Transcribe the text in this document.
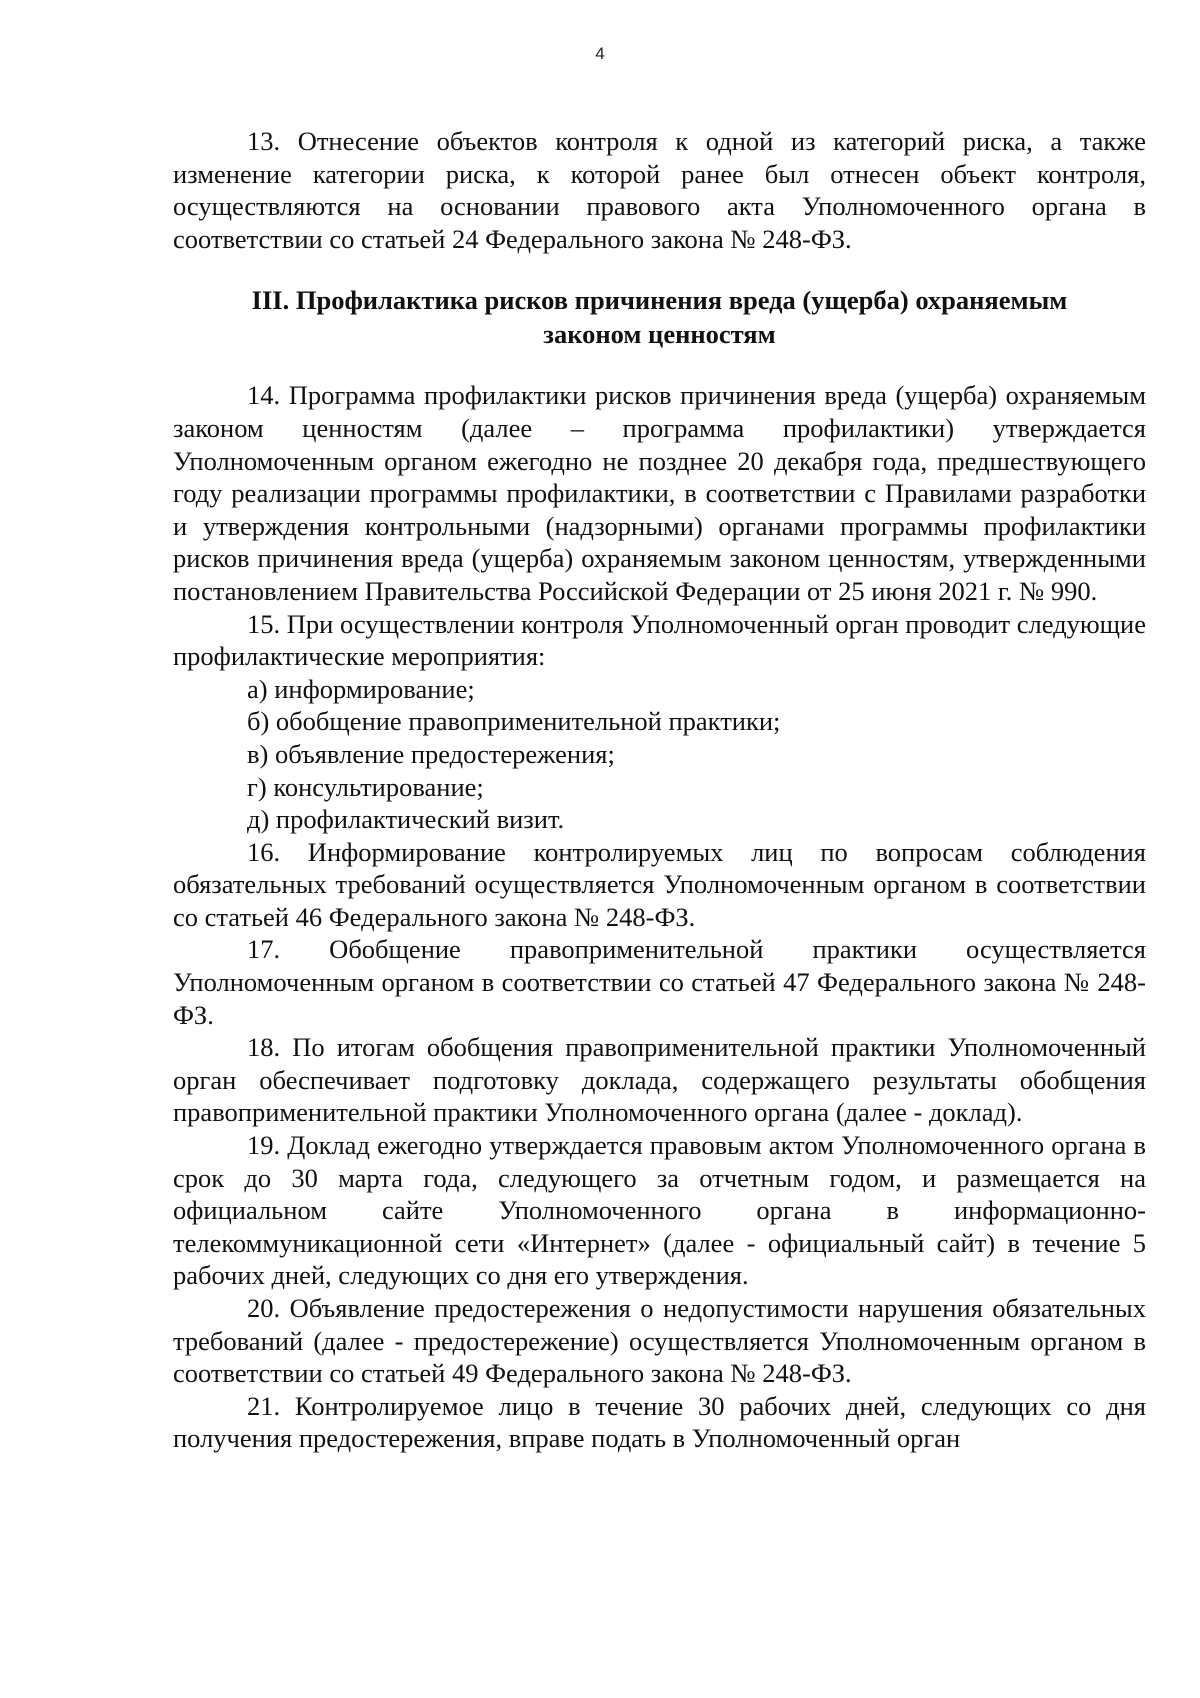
4

13. Отнесение объектов контроля к одной из категорий риска, а также изменение категории риска, к которой ранее был отнесен объект контроля, осуществляются на основании правового акта Уполномоченного органа в соответствии со статьей 24 Федерального закона № 248-ФЗ.

III. Профилактика рисков причинения вреда (ущерба) охраняемым
законом ценностям

14. Программа профилактики рисков причинения вреда (ущерба) охраняемым законом ценностям (далее – программа профилактики) утверждается Уполномоченным органом ежегодно не позднее 20 декабря года, предшествующего году реализации программы профилактики, в соответствии с Правилами разработки и утверждения контрольными (надзорными) органами программы профилактики рисков причинения вреда (ущерба) охраняемым законом ценностям, утвержденными постановлением Правительства Российской Федерации от 25 июня 2021 г. № 990.

15. При осуществлении контроля Уполномоченный орган проводит следующие профилактические мероприятия:

а) информирование;

б) обобщение правоприменительной практики;

в) объявление предостережения;

г) консультирование;

д) профилактический визит.

16. Информирование контролируемых лиц по вопросам соблюдения обязательных требований осуществляется Уполномоченным органом в соответствии со статьей 46 Федерального закона № 248-ФЗ.

17. Обобщение правоприменительной практики осуществляется Уполномоченным органом в соответствии со статьей 47 Федерального закона № 248-ФЗ.

18. По итогам обобщения правоприменительной практики Уполномоченный орган обеспечивает подготовку доклада, содержащего результаты обобщения правоприменительной практики Уполномоченного органа (далее - доклад).

19. Доклад ежегодно утверждается правовым актом Уполномоченного органа в срок до 30 марта года, следующего за отчетным годом, и размещается на официальном сайте Уполномоченного органа в информационно-телекоммуникационной сети «Интернет» (далее - официальный сайт) в течение 5 рабочих дней, следующих со дня его утверждения.

20. Объявление предостережения о недопустимости нарушения обязательных требований (далее - предостережение) осуществляется Уполномоченным органом в соответствии со статьей 49 Федерального закона № 248-ФЗ.

21. Контролируемое лицо в течение 30 рабочих дней, следующих со дня получения предостережения, вправе подать в Уполномоченный орган
